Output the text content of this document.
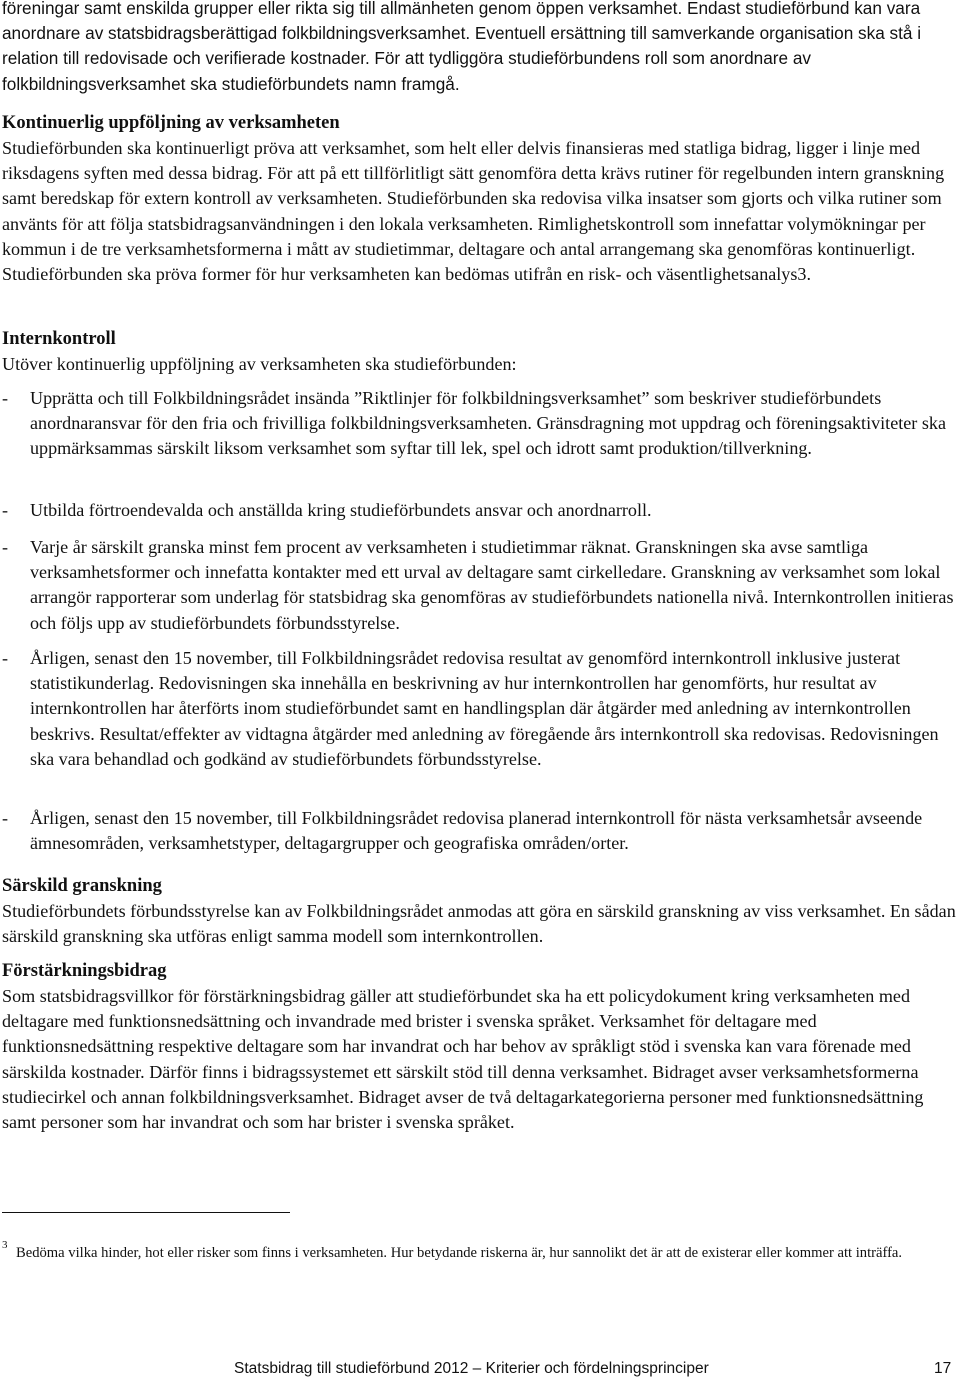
föreningar samt enskilda grupper eller rikta sig till allmänheten genom öppen verksamhet. Endast studieförbund kan vara anordnare av statsbidragsberättigad folkbildningsverksamhet. Eventuell ersättning till samverkande organisation ska stå i relation till redovisade och verifierade kostnader. För att tydliggöra studieförbundens roll som anordnare av folkbildningsverksamhet ska studieförbundets namn framgå.

Kontinuerlig uppföljning av verksamheten

Studieförbunden ska kontinuerligt pröva att verksamhet, som helt eller delvis finansieras med statliga bidrag, ligger i linje med riksdagens syften med dessa bidrag. För att på ett tillförlitligt sätt genomföra detta krävs rutiner för regelbunden intern granskning samt beredskap för extern kontroll av verksamheten. Studieförbunden ska redovisa vilka insatser som gjorts och vilka rutiner som använts för att följa statsbidragsanvändningen i den lokala verksamheten. Rimlighetskontroll som innefattar volymökningar per kommun i de tre verksamhetsformerna i mått av studietimmar, deltagare och antal arrangemang ska genomföras kontinuerligt. Studieförbunden ska pröva former för hur verksamheten kan bedömas utifrån en risk- och väsentlighetsanalys3.

Internkontroll

Utöver kontinuerlig uppföljning av verksamheten ska studieförbunden:

- Upprätta och till Folkbildningsrådet insända ”Riktlinjer för folkbildningsverksamhet” som beskriver studieförbundets anordnaransvar för den fria och frivilliga folkbildningsverksamheten. Gränsdragning mot uppdrag och föreningsaktiviteter ska uppmärksammas särskilt liksom verksamhet som syftar till lek, spel och idrott samt produktion/tillverkning.
- Utbilda förtroendevalda och anställda kring studieförbundets ansvar och anordnarroll.
- Varje år särskilt granska minst fem procent av verksamheten i studietimmar räknat. Granskningen ska avse samtliga verksamhetsformer och innefatta kontakter med ett urval av deltagare samt cirkelledare. Granskning av verksamhet som lokal arrangör rapporterar som underlag för statsbidrag ska genomföras av studieförbundets nationella nivå. Internkontrollen initieras och följs upp av studieförbundets förbundsstyrelse.
- Årligen, senast den 15 november, till Folkbildningsrådet redovisa resultat av genomförd internkontroll inklusive justerat statistikunderlag. Redovisningen ska innehålla en beskrivning av hur internkontrollen har genomförts, hur resultat av internkontrollen har återförts inom studieförbundet samt en handlingsplan där åtgärder med anledning av internkontrollen beskrivs. Resultat/effekter av vidtagna åtgärder med anledning av föregående års internkontroll ska redovisas. Redovisningen ska vara behandlad och godkänd av studieförbundets förbundsstyrelse.
- Årligen, senast den 15 november, till Folkbildningsrådet redovisa planerad internkontroll för nästa verksamhetsår avseende ämnesområden, verksamhetstyper, deltagargrupper och geografiska områden/orter.
Särskild granskning

Studieförbundets förbundsstyrelse kan av Folkbildningsrådet anmodas att göra en särskild granskning av viss verksamhet. En sådan särskild granskning ska utföras enligt samma modell som internkontrollen.

Förstärkningsbidrag

Som statsbidragsvillkor för förstärkningsbidrag gäller att studieförbundet ska ha ett policydokument kring verksamheten med deltagare med funktionsnedsättning och invandrade med brister i svenska språket. Verksamhet för deltagare med funktionsnedsättning respektive deltagare som har invandrat och har behov av språkligt stöd i svenska kan vara förenade med särskilda kostnader. Därför finns i bidragssystemet ett särskilt stöd till denna verksamhet. Bidraget avser verksamhetsformerna studiecirkel och annan folkbildningsverksamhet. Bidraget avser de två deltagarkategorierna personer med funktionsnedsättning samt personer som har invandrat och som har brister i svenska språket.

3 Bedöma vilka hinder, hot eller risker som finns i verksamheten. Hur betydande riskerna är, hur sannolikt det är att de existerar eller kommer att inträffa.
Statsbidrag till studieförbund 2012 – Kriterier och fördelningsprinciper	17
